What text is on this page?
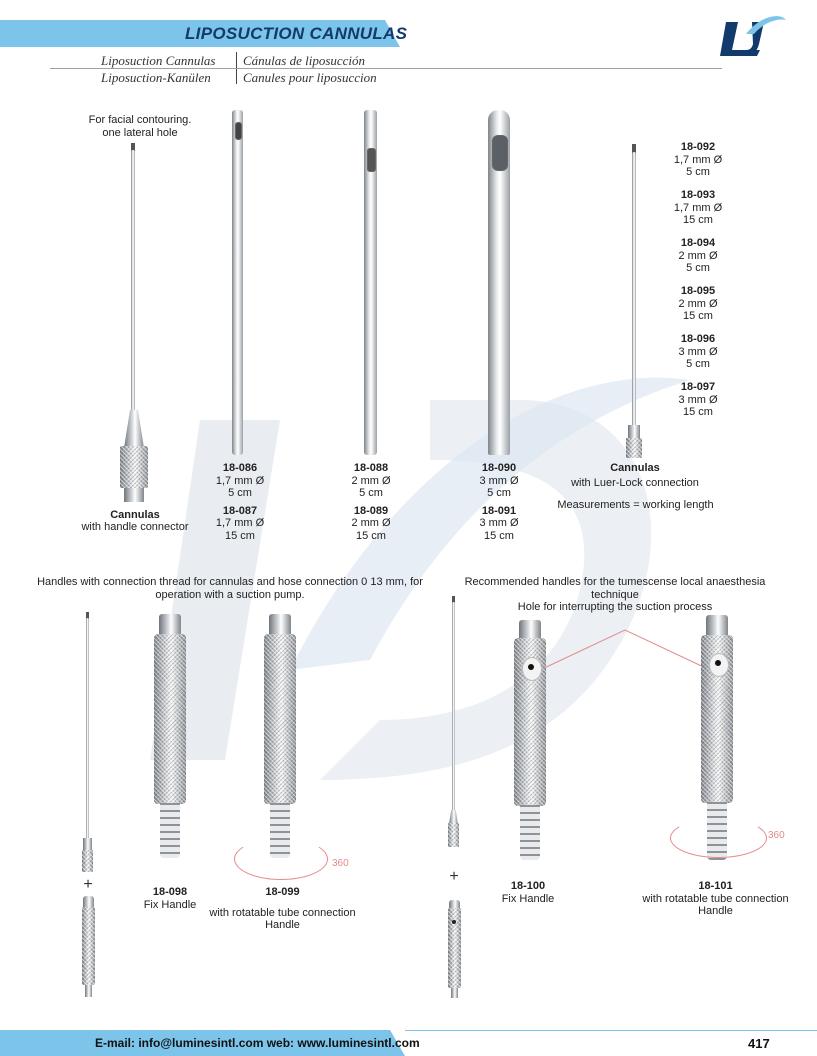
LIPOSUCTION CANNULAS
Liposuction Cannulas Cánulas de liposucción
Liposuction-Kanülen Canules pour liposuccion
For facial contouring.
one lateral hole
Cannulas
with handle connector
18-086
1,7 mm Ø
5 cm
18-087
1,7 mm Ø
15 cm
18-088
2 mm Ø
5 cm
18-089
2 mm Ø
15 cm
18-090
3 mm Ø
5 cm
18-091
3 mm Ø
15 cm
Cannulas
with Luer-Lock connection
Measurements = working length
18-092
1,7 mm Ø
5 cm
18-093
1,7 mm Ø
15 cm
18-094
2 mm Ø
5 cm
18-095
2 mm Ø
15 cm
18-096
3 mm Ø
5 cm
18-097
3 mm Ø
15 cm
Handles with connection thread for cannulas and hose connection 0 13 mm, for
operation with a suction pump.
Recommended handles for the tumescense local anaesthesia technique
Hole for interrupting the suction process
+	18-098
Fix Handle
360
18-099
with rotatable tube connection
Handle
+
18-100
Fix Handle
360
18-101
with rotatable tube connection
Handle
E-mail: info@luminesintl.com web: www.luminesintl.com	417
